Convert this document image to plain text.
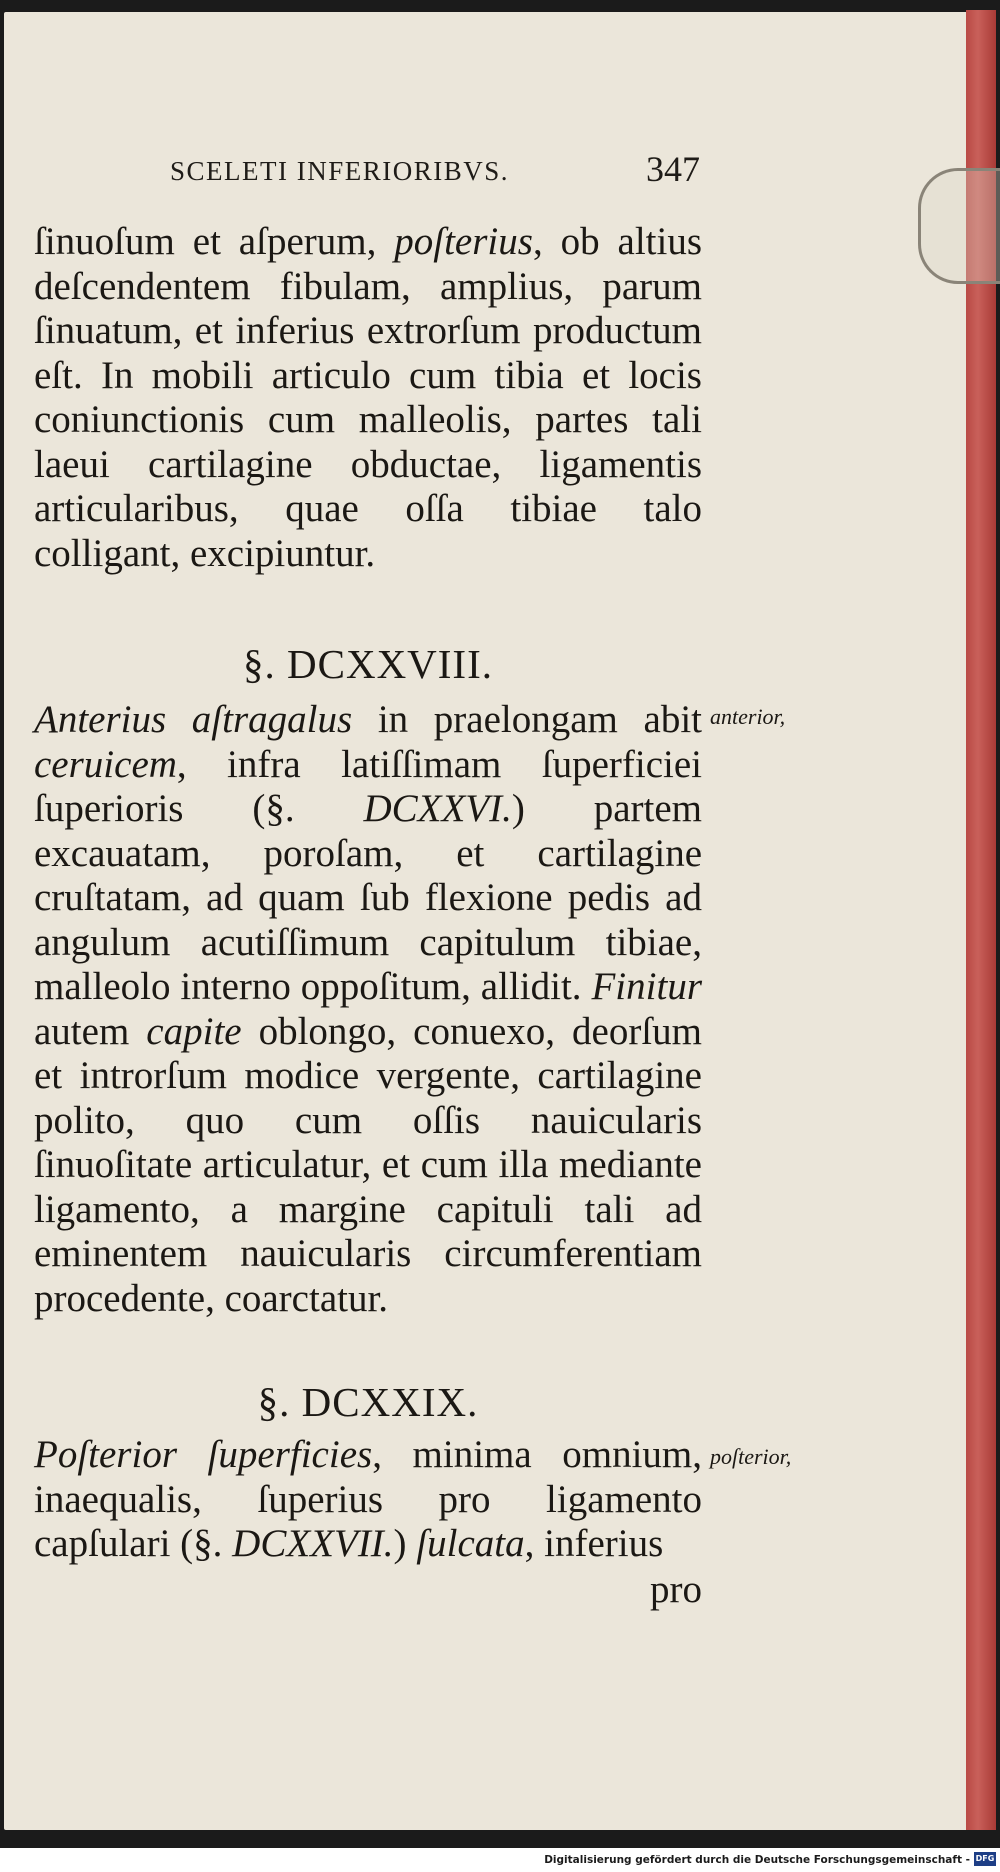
SCELETI INFERIORIBVS.	347

ſinuoſum et aſperum, poſterius, ob altius deſcendentem fibulam, amplius, parum ſinuatum, et inferius extrorſum productum eſt. In mobili articulo cum tibia et locis coniunctionis cum malleolis, partes tali laeui cartilagine obductae, ligamentis articularibus, quae oſſa tibiae talo colligant, excipiuntur.

§. DCXXVIII.
anterior,

Anterius aſtragalus in praelongam abit ceruicem, infra latiſſimam ſuperficiei ſuperioris (§. DCXXVI.) partem excauatam, poroſam, et cartilagine cruſtatam, ad quam ſub flexione pedis ad angulum acutiſſimum capitulum tibiae, malleolo interno oppoſitum, allidit. Finitur autem capite oblongo, conuexo, deorſum et introrſum modice vergente, cartilagine polito, quo cum oſſis nauicularis ſinuoſitate articulatur, et cum illa mediante ligamento, a margine capituli tali ad eminentem nauicularis circumferentiam procedente, coarctatur.

§. DCXXIX.
poſterior,

Poſterior ſuperficies, minima omnium, inaequalis, ſuperius pro ligamento capſulari (§. DCXXVII.) ſulcata, inferius

pro
Digitalisierung gefördert durch die Deutsche Forschungsgemeinschaft - DFG
